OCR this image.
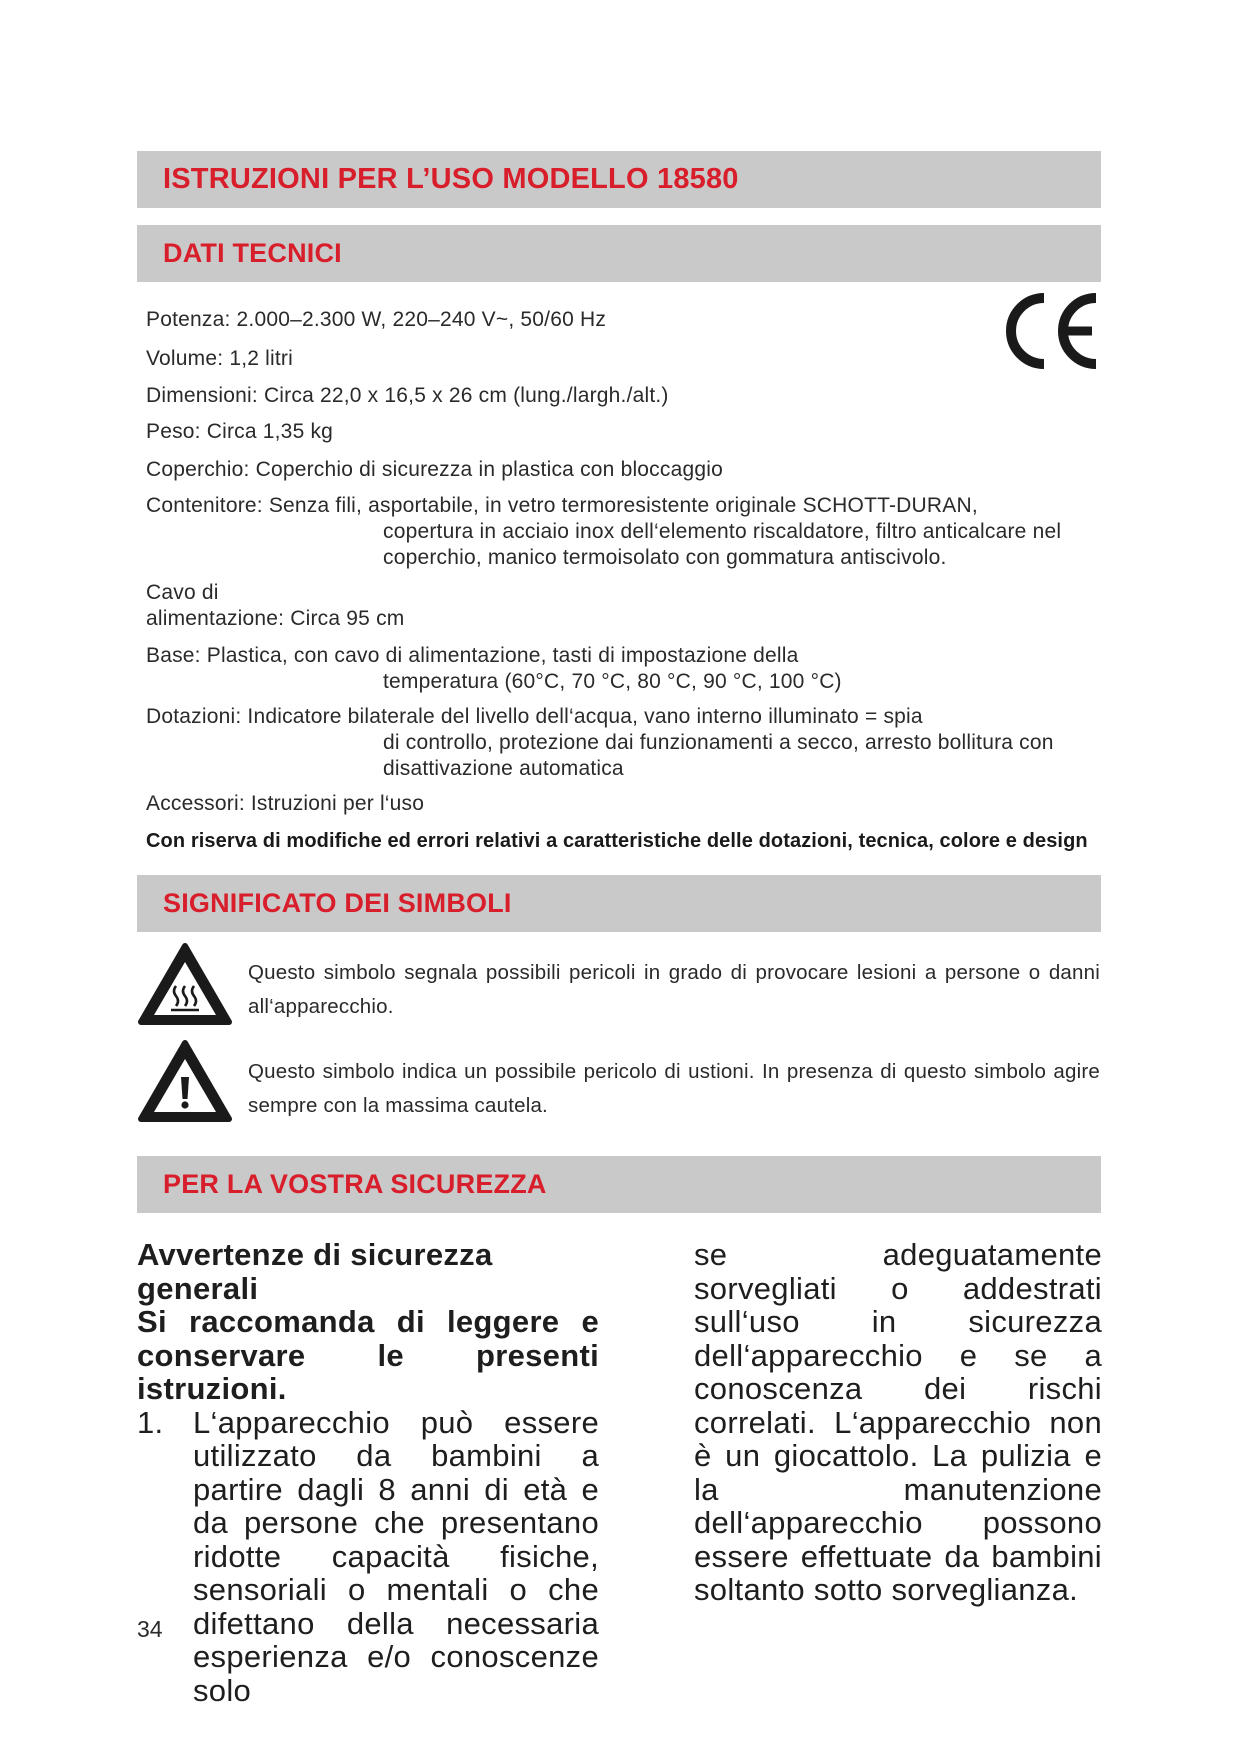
ISTRUZIONI PER L’USO MODELLO 18580
DATI TECNICI
Potenza: 2.000–2.300 W, 220–240 V~, 50/60 Hz
Volume: 1,2 litri
Dimensioni: Circa 22,0 x 16,5 x 26 cm (lung./largh./alt.)
Peso: Circa 1,35 kg
Coperchio: Coperchio di sicurezza in plastica con bloccaggio
Contenitore: Senza fili, asportabile, in vetro termoresistente originale SCHOTT-DURAN,
copertura in acciaio inox dell‘elemento riscaldatore, filtro anticalcare nel
coperchio, manico termoisolato con gommatura antiscivolo.
Cavo di
alimentazione: Circa 95 cm
Base: Plastica, con cavo di alimentazione, tasti di impostazione della
temperatura (60°C, 70 °C, 80 °C, 90 °C, 100 °C)
Dotazioni: Indicatore bilaterale del livello dell‘acqua, vano interno illuminato = spia
di controllo, protezione dai funzionamenti a secco, arresto bollitura con
disattivazione automatica
Accessori: Istruzioni per l‘uso
Con riserva di modifiche ed errori relativi a caratteristiche delle dotazioni, tecnica, colore e design
SIGNIFICATO DEI SIMBOLI
Questo simbolo segnala possibili pericoli in grado di provocare lesioni a persone o danni all‘apparecchio.
Questo simbolo indica un possibile pericolo di ustioni. In presenza di questo simbolo agire sempre con la massima cautela.
PER LA VOSTRA SICUREZZA
Avvertenze di sicurezza generali
Si raccomanda di leggere e conservare le presenti istruzioni.
1. L‘apparecchio può essere utilizzato da bambini a partire dagli 8 anni di età e da persone che presentano ridotte capacità fisiche, sensoriali o mentali o che difettano della necessaria esperienza e/o conoscenze solo
se adeguatamente sorvegliati o addestrati sull‘uso in sicurezza dell‘apparecchio e se a conoscenza dei rischi correlati. L‘apparecchio non è un giocattolo. La pulizia e la manutenzione dell‘apparecchio possono essere effettuate da bambini soltanto sotto sorveglianza.
34
